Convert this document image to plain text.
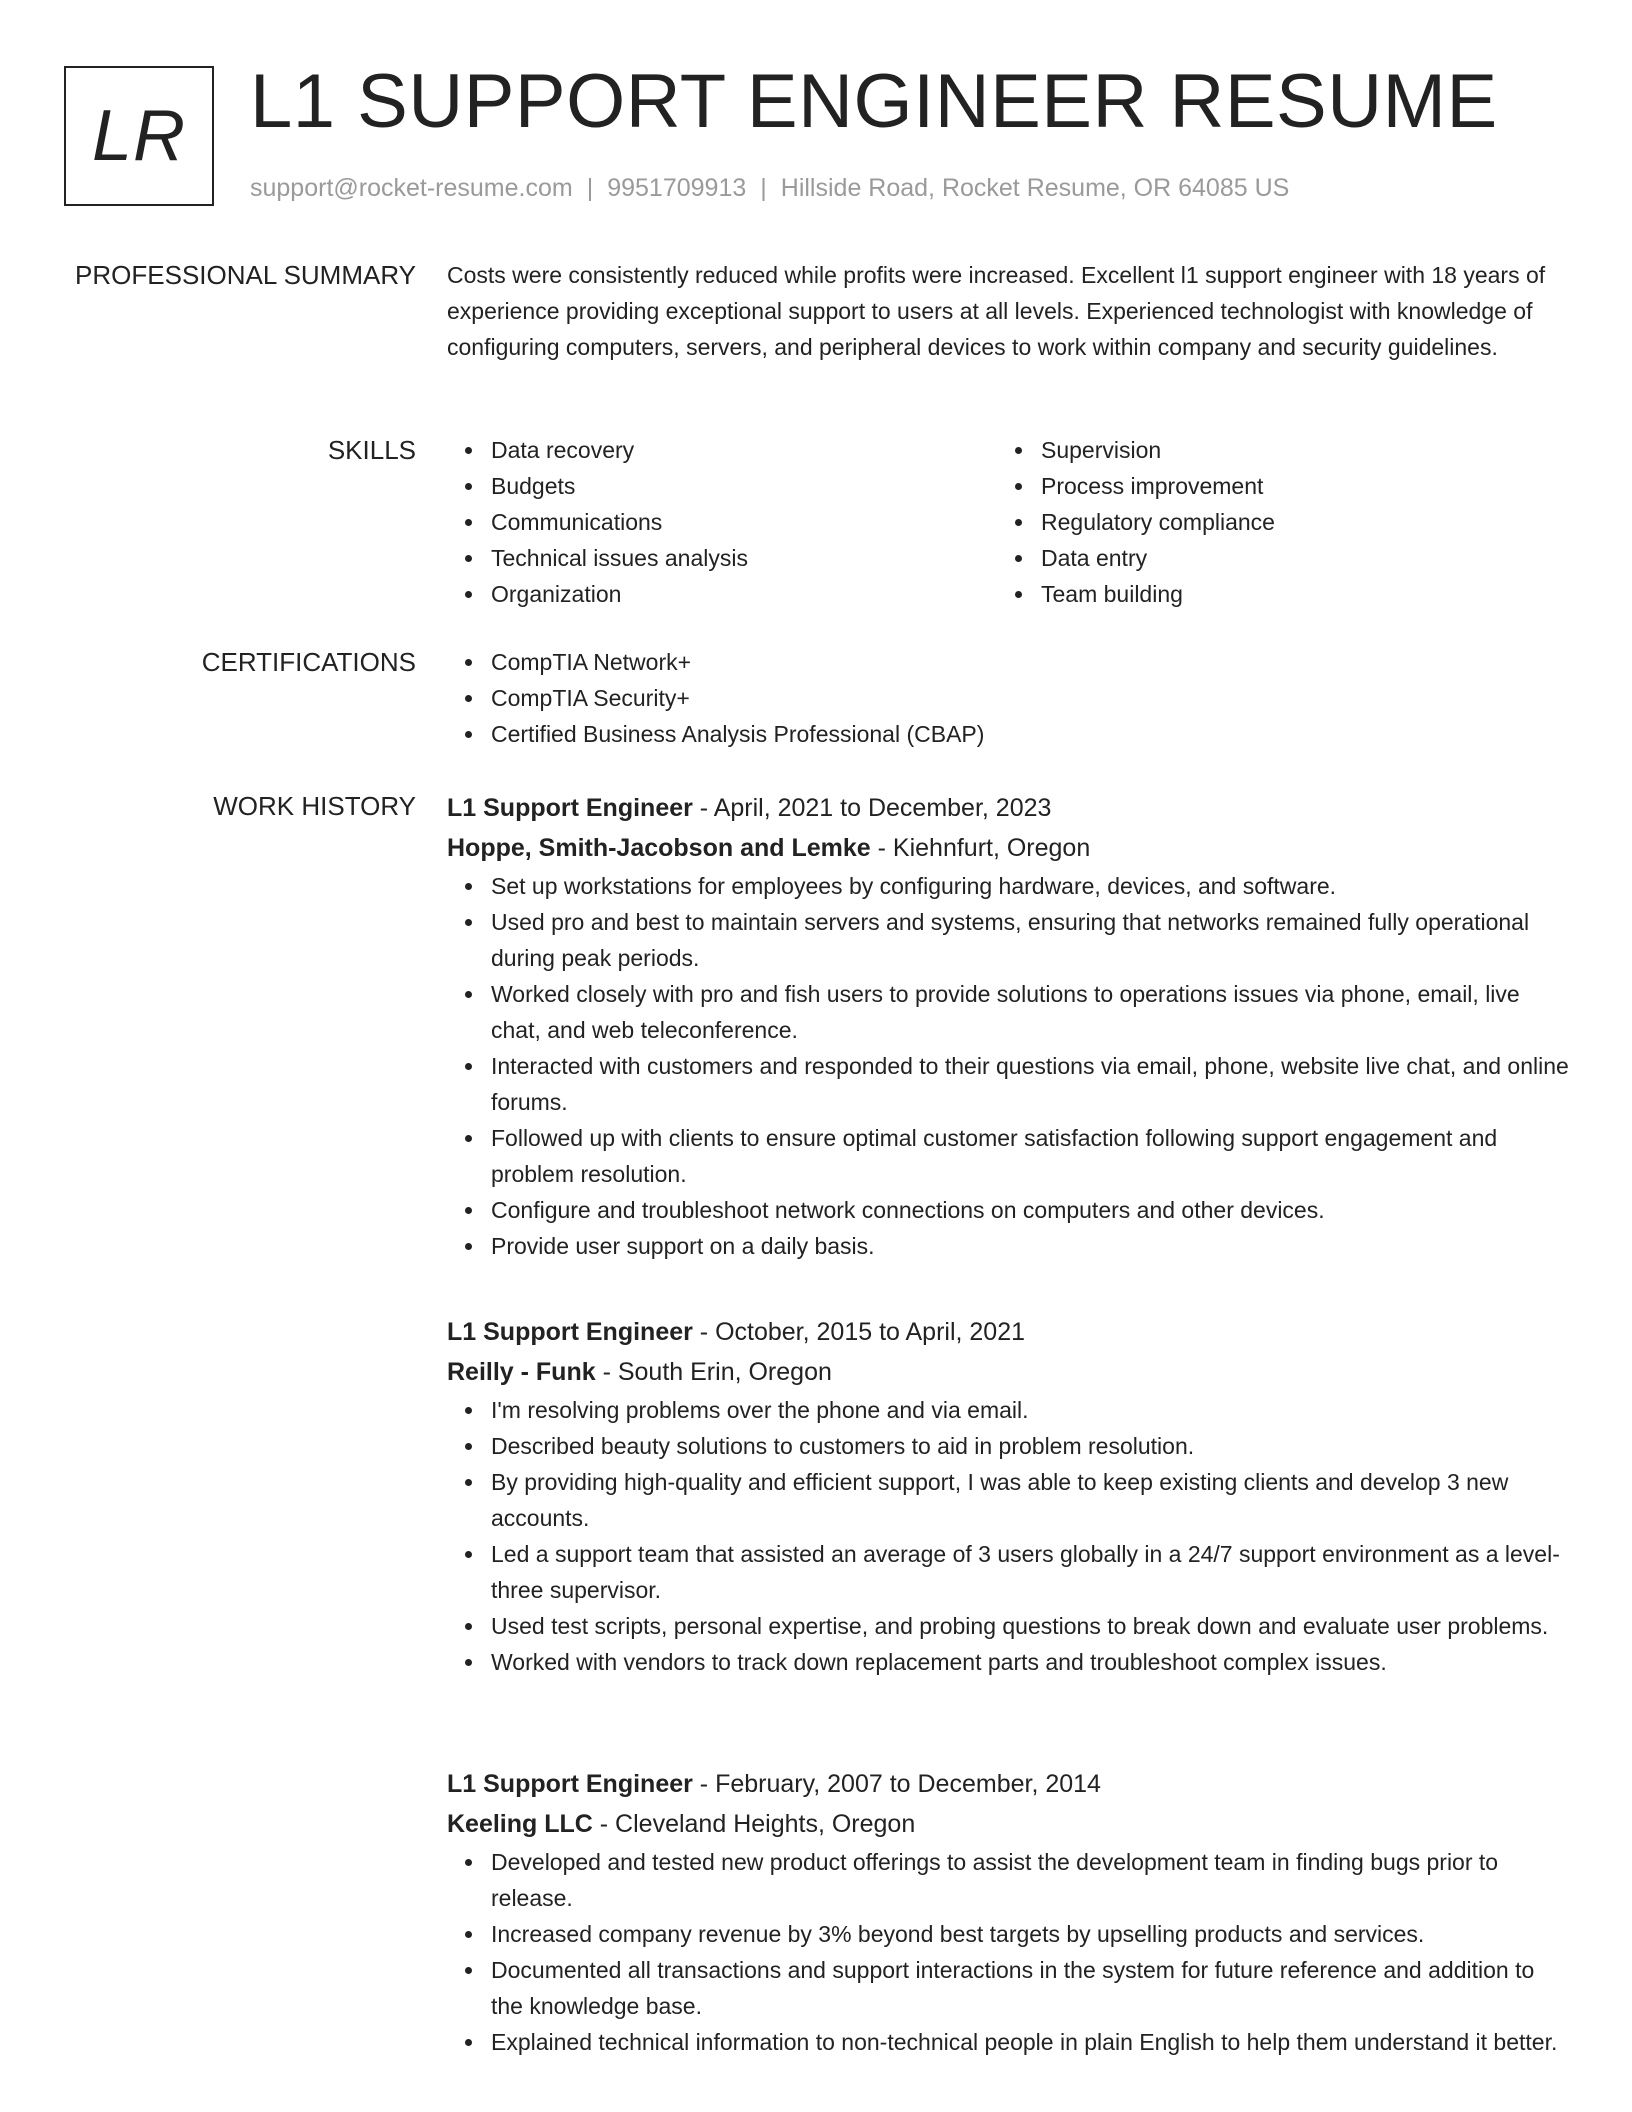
LR L1 SUPPORT ENGINEER RESUME
support@rocket-resume.com | 9951709913 | Hillside Road, Rocket Resume, OR 64085 US
PROFESSIONAL SUMMARY Costs were consistently reduced while profits were increased. Excellent l1 support engineer with 18 years of experience providing exceptional support to users at all levels. Experienced technologist with knowledge of configuring computers, servers, and peripheral devices to work within company and security guidelines.

SKILLS	Data recovery
Budgets
Communications
Technical issues analysis
Organization
Supervision
Process improvement
Regulatory compliance
Data entry
Team building
CERTIFICATIONS	CompTIA Network+
CompTIA Security+
Certified Business Analysis Professional (CBAP)
WORK HISTORY L1 Support Engineer - April, 2021 to December, 2023
Hoppe, Smith-Jacobson and Lemke - Kiehnfurt, Oregon
Set up workstations for employees by configuring hardware, devices, and software.
Used pro and best to maintain servers and systems, ensuring that networks remained fully operational during peak periods.
Worked closely with pro and fish users to provide solutions to operations issues via phone, email, live chat, and web teleconference.
Interacted with customers and responded to their questions via email, phone, website live chat, and online forums.
Followed up with clients to ensure optimal customer satisfaction following support engagement and problem resolution.
Configure and troubleshoot network connections on computers and other devices.
Provide user support on a daily basis.
L1 Support Engineer - October, 2015 to April, 2021
Reilly - Funk - South Erin, Oregon
I'm resolving problems over the phone and via email.
Described beauty solutions to customers to aid in problem resolution.
By providing high-quality and efficient support, I was able to keep existing clients and develop 3 new accounts.
Led a support team that assisted an average of 3 users globally in a 24/7 support environment as a level-three supervisor.
Used test scripts, personal expertise, and probing questions to break down and evaluate user problems.
Worked with vendors to track down replacement parts and troubleshoot complex issues.
L1 Support Engineer - February, 2007 to December, 2014
Keeling LLC - Cleveland Heights, Oregon
Developed and tested new product offerings to assist the development team in finding bugs prior to release.
Increased company revenue by 3% beyond best targets by upselling products and services.
Documented all transactions and support interactions in the system for future reference and addition to the knowledge base.
Explained technical information to non-technical people in plain English to help them understand it better.
